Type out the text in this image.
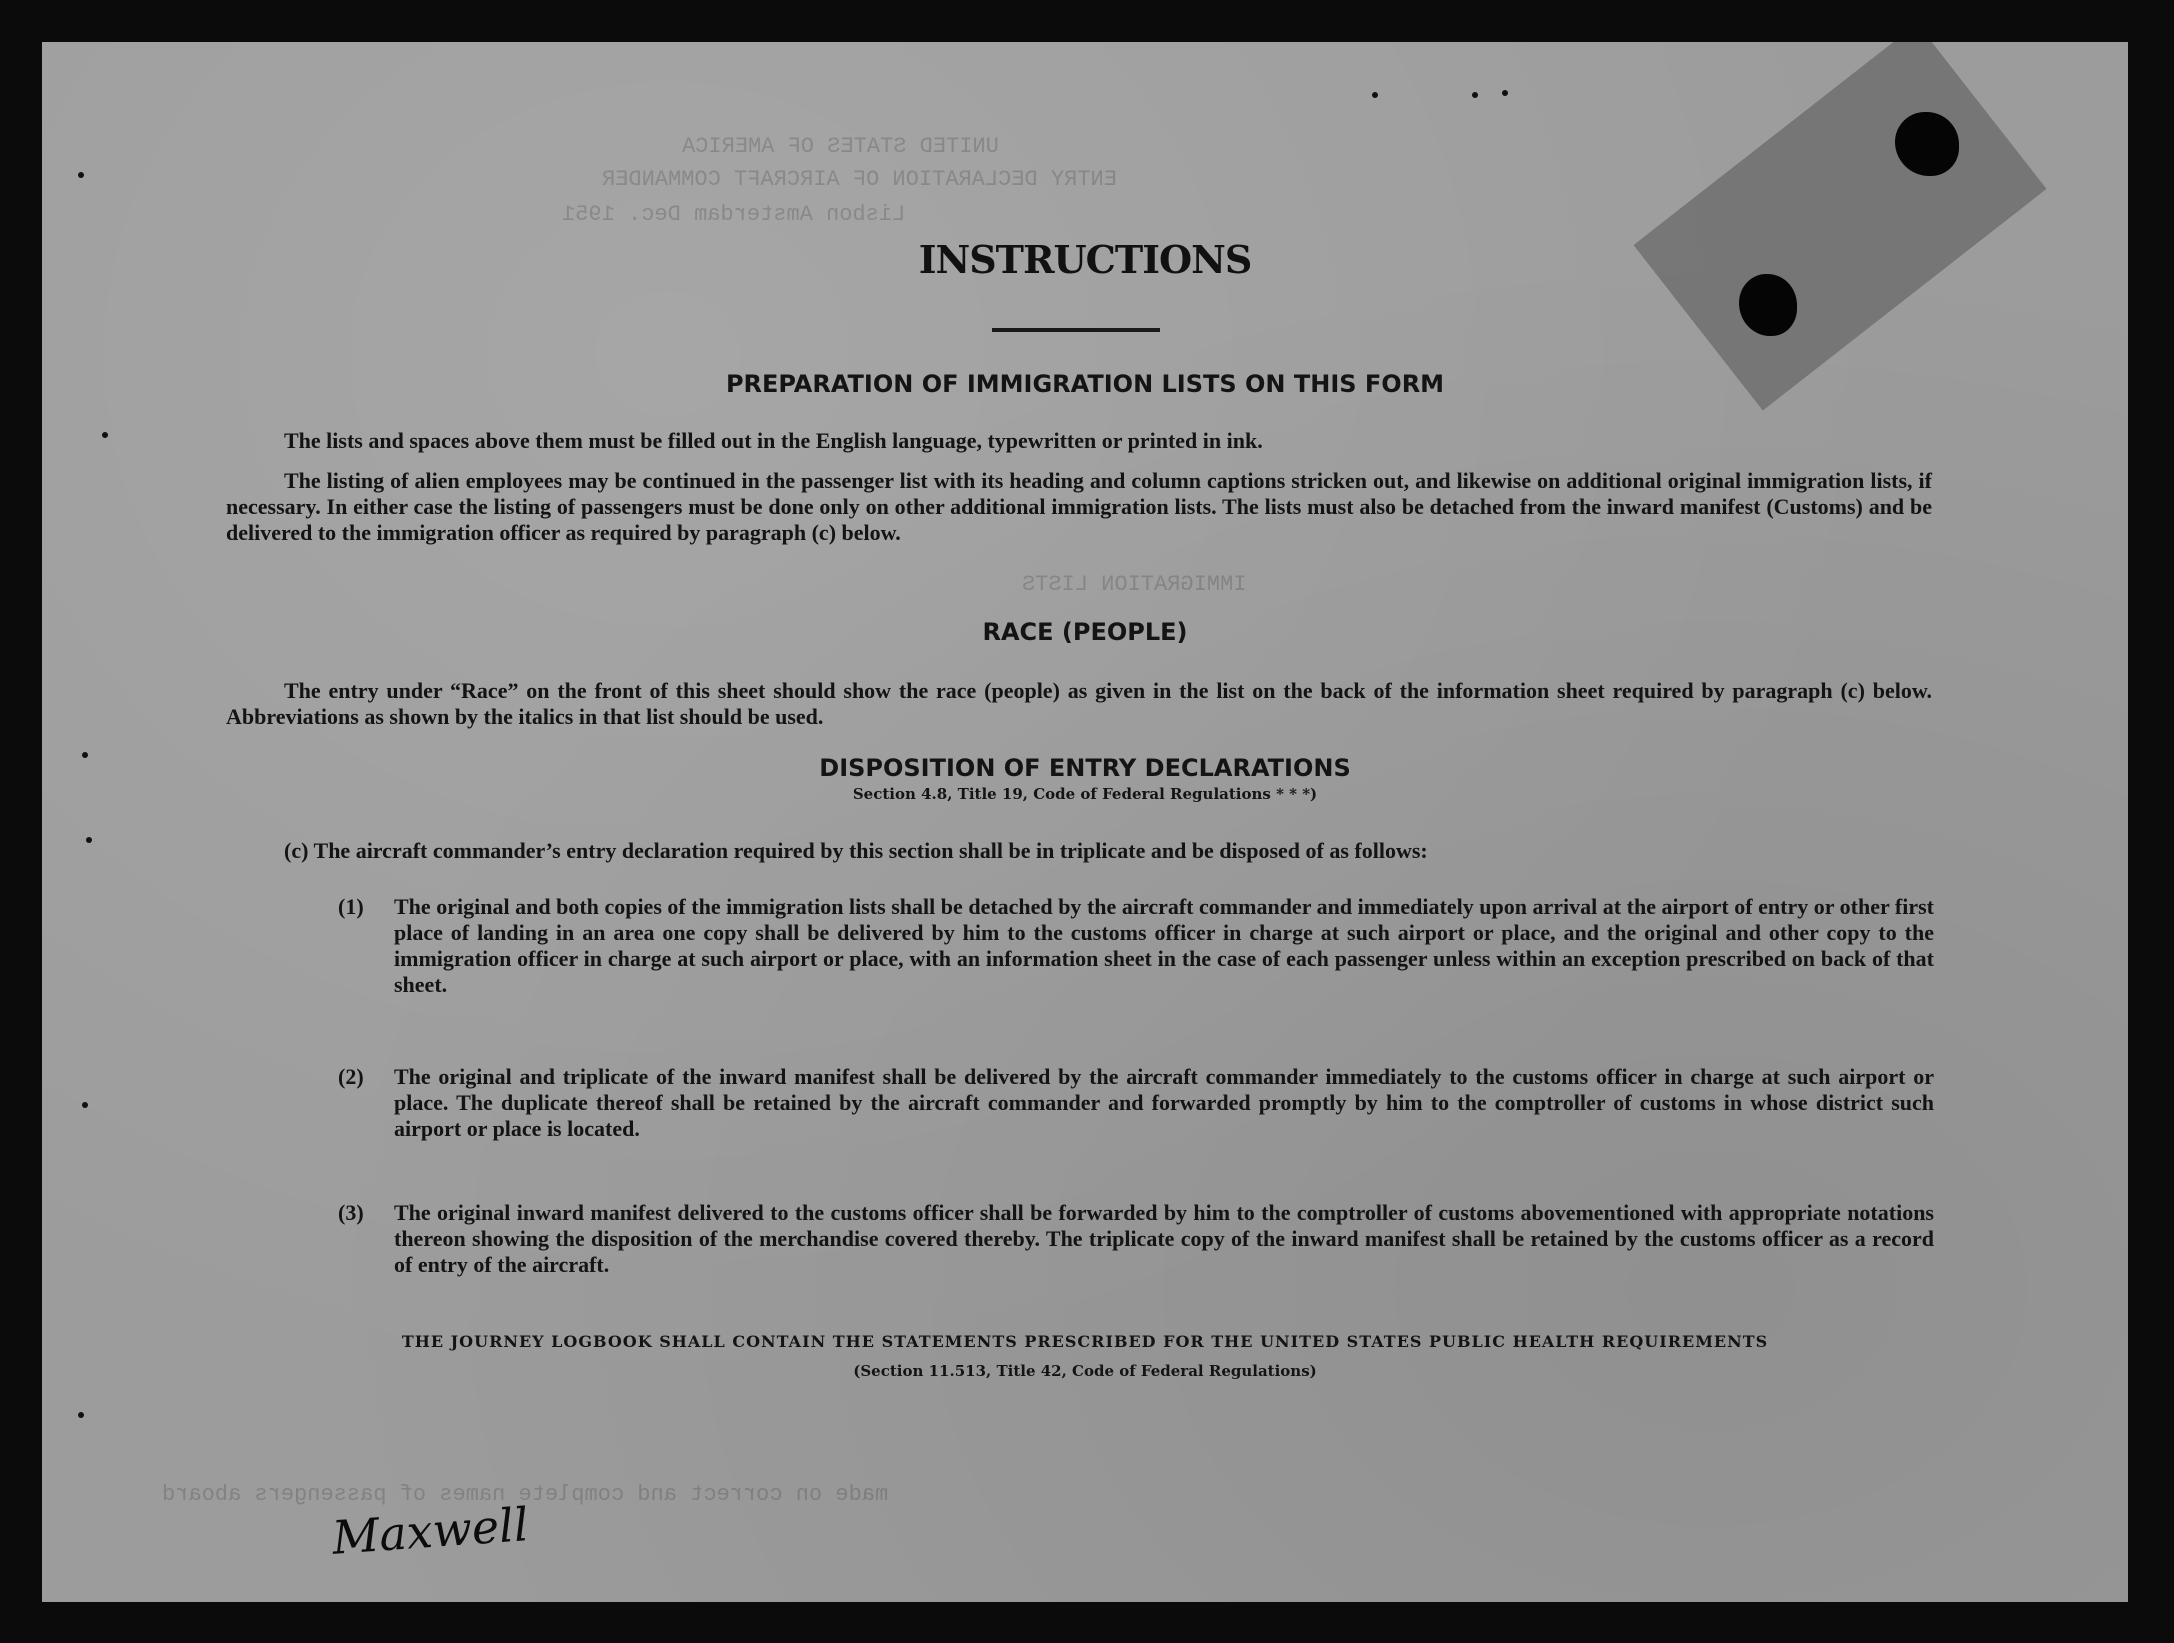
UNITED STATES OF AMERICA
ENTRY DECLARATION OF AIRCRAFT COMMANDER
Lisbon Amsterdam Dec. 1951
IMMIGRATION LISTS
made on correct and complete names of passengers aboard
INSTRUCTIONS
PREPARATION OF IMMIGRATION LISTS ON THIS FORM
The lists and spaces above them must be filled out in the English language, typewritten or printed in ink.
The listing of alien employees may be continued in the passenger list with its heading and column captions stricken out, and likewise on additional original immigration lists, if necessary. In either case the listing of passengers must be done only on other additional immigration lists. The lists must also be detached from the inward manifest (Customs) and be delivered to the immigration officer as required by paragraph (c) below.
RACE (PEOPLE)
The entry under “Race” on the front of this sheet should show the race (people) as given in the list on the back of the information sheet required by paragraph (c) below. Abbreviations as shown by the italics in that list should be used.
DISPOSITION OF ENTRY DECLARATIONS
Section 4.8, Title 19, Code of Federal Regulations * * *)
(c) The aircraft commander’s entry declaration required by this section shall be in triplicate and be disposed of as follows:
(1) The original and both copies of the immigration lists shall be detached by the aircraft commander and immediately upon arrival at the airport of entry or other first place of landing in an area one copy shall be delivered by him to the customs officer in charge at such airport or place, and the original and other copy to the immigration officer in charge at such airport or place, with an information sheet in the case of each passenger unless within an exception prescribed on back of that sheet.
(2) The original and triplicate of the inward manifest shall be delivered by the aircraft commander immediately to the customs officer in charge at such airport or place. The duplicate thereof shall be retained by the aircraft commander and forwarded promptly by him to the comptroller of customs in whose district such airport or place is located.
(3) The original inward manifest delivered to the customs officer shall be forwarded by him to the comptroller of customs abovementioned with appropriate notations thereon showing the disposition of the merchandise covered thereby. The triplicate copy of the inward manifest shall be retained by the customs officer as a record of entry of the aircraft.
THE JOURNEY LOGBOOK SHALL CONTAIN THE STATEMENTS PRESCRIBED FOR THE UNITED STATES PUBLIC HEALTH REQUIREMENTS
(Section 11.513, Title 42, Code of Federal Regulations)
Maxwell
